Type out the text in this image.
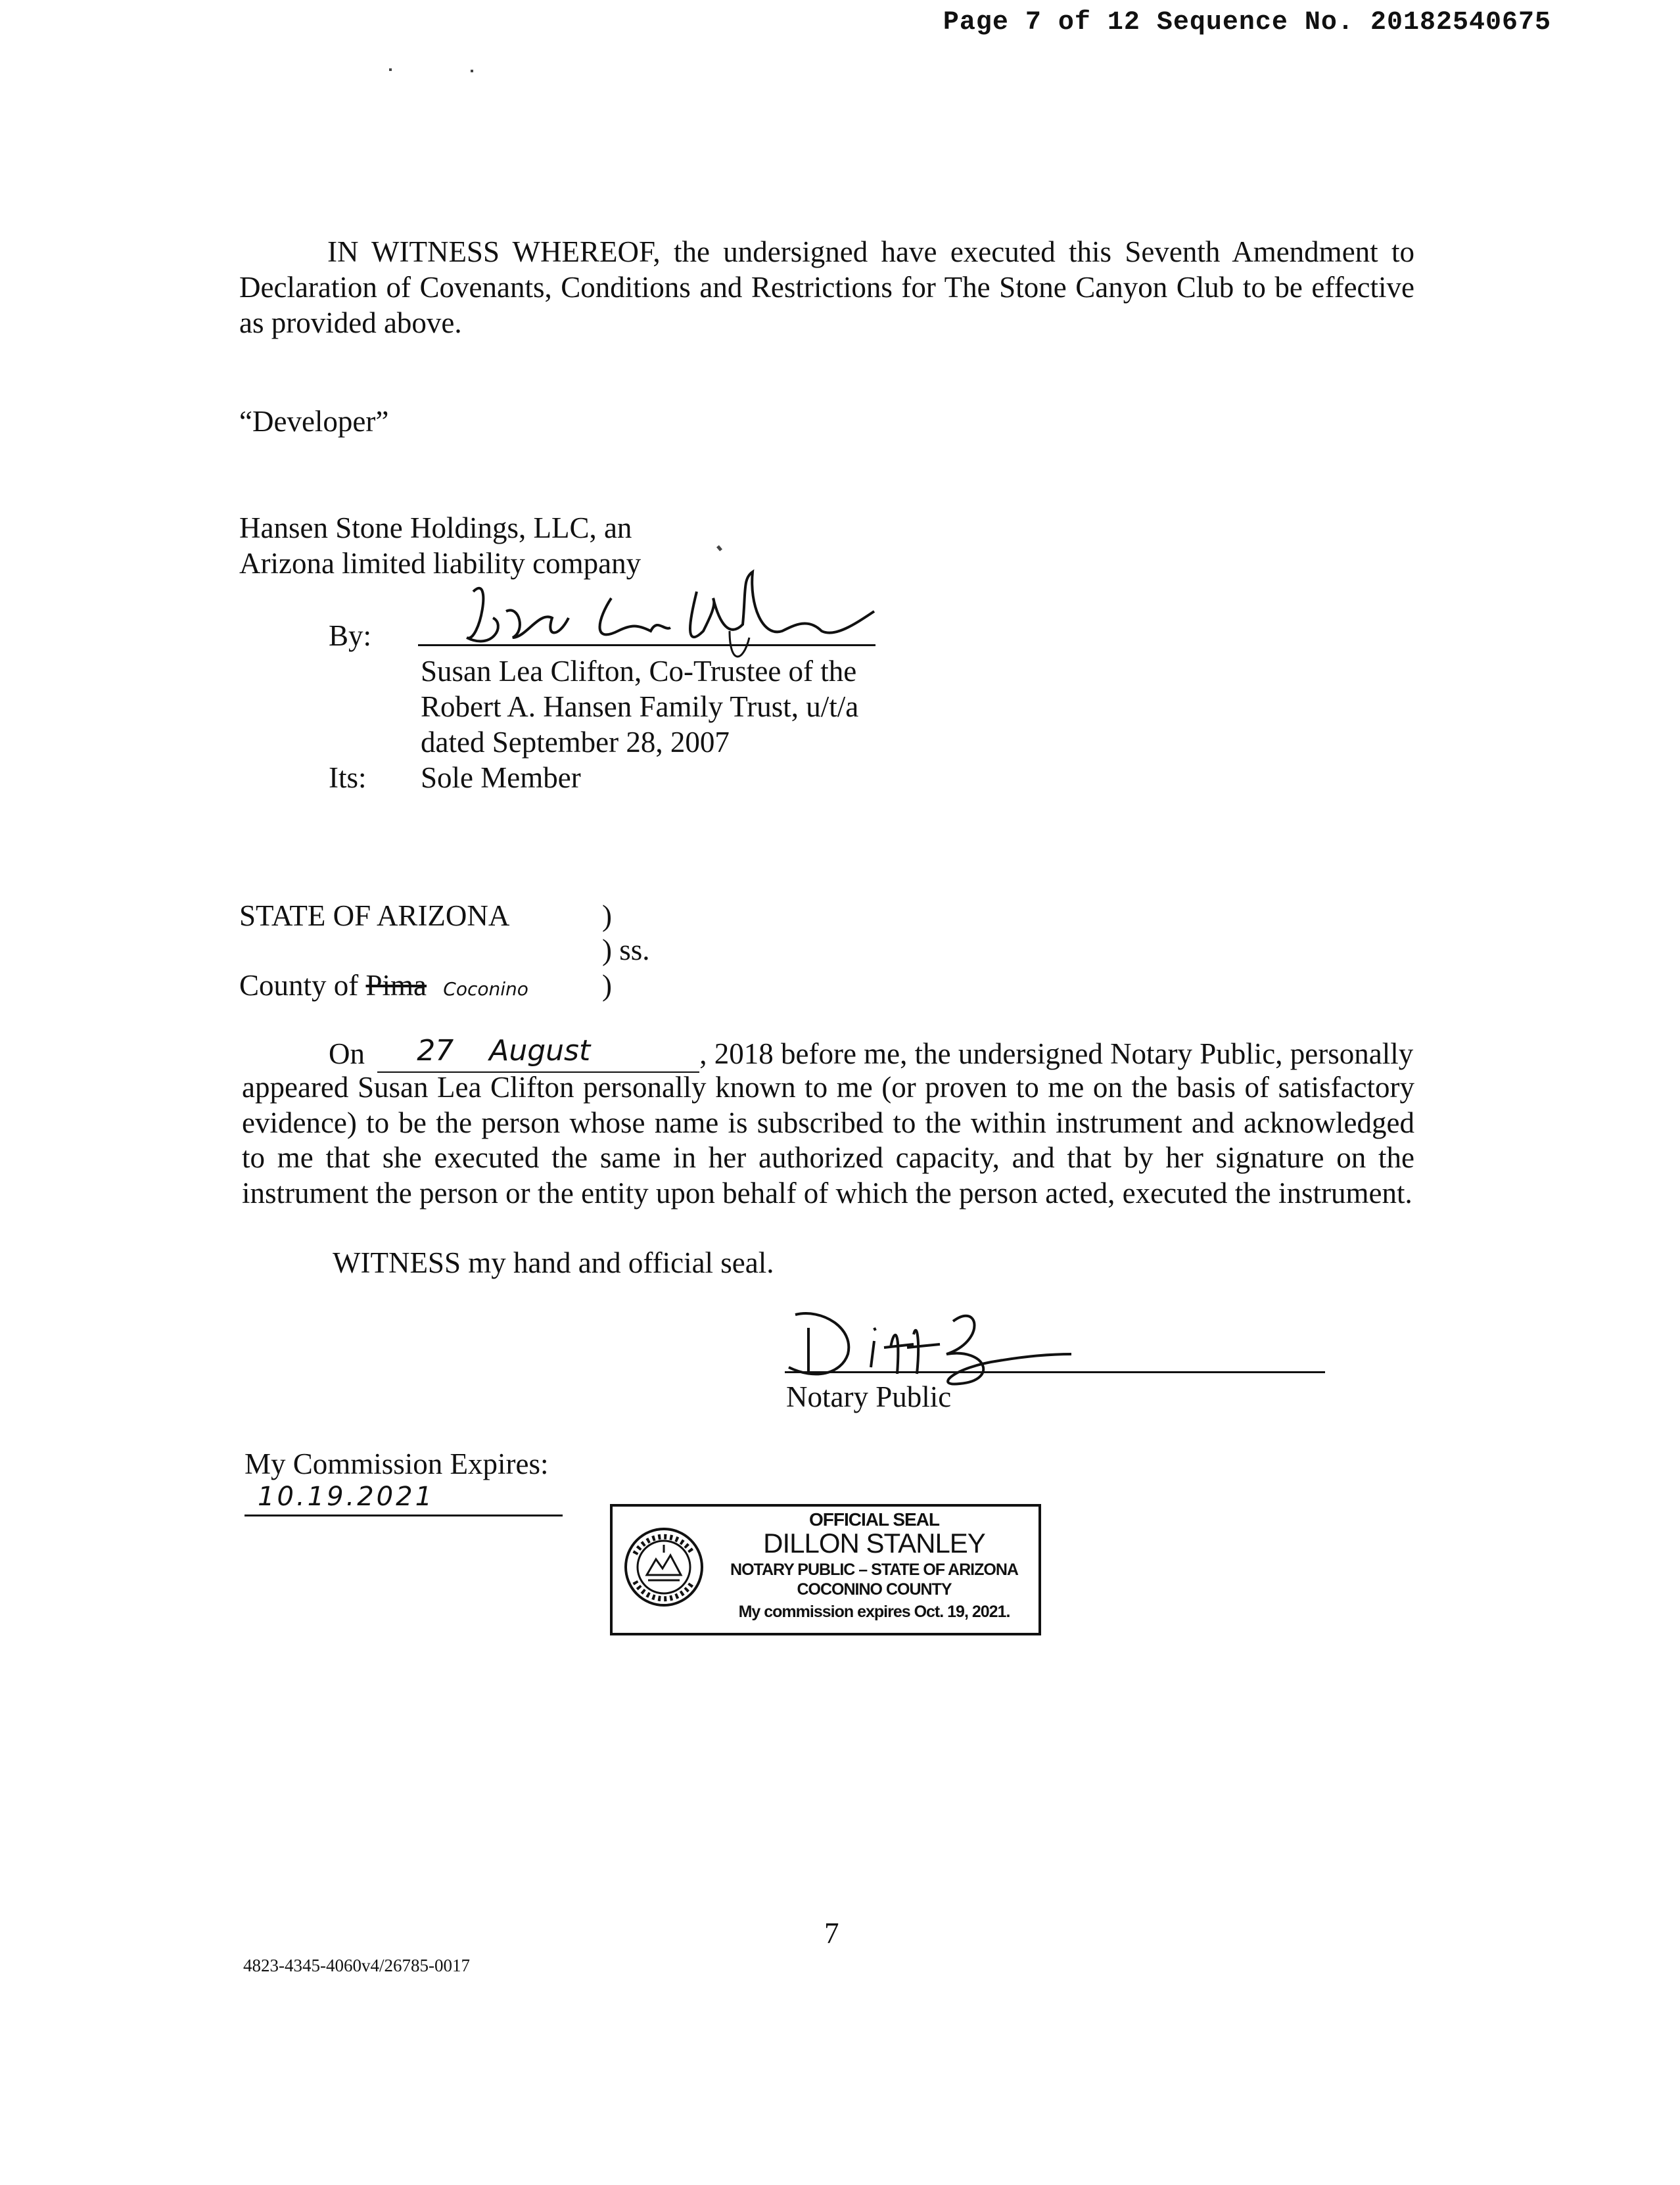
Page 7 of 12 Sequence No. 20182540675
IN WITNESS WHEREOF, the undersigned have executed this Seventh Amendment to Declaration of Covenants, Conditions and Restrictions for The Stone Canyon Club to be effective as provided above.
“Developer”
Hansen Stone Holdings, LLC, an
Arizona limited liability company
By:
Susan Lea Clifton, Co-Trustee of the
Robert A. Hansen Family Trust, u/t/a
dated September 28, 2007
Its: Sole Member
STATE OF ARIZONA	)
) ss.
County of Pima Coconino )
On 27 August	, 2018 before me, the undersigned Notary Public, personally
appeared Susan Lea Clifton personally known to me (or proven to me on the basis of satisfactory evidence) to be the person whose name is subscribed to the within instrument and acknowledged to me that she executed the same in her authorized capacity, and that by her signature on the instrument the person or the entity upon behalf of which the person acted, executed the instrument.
WITNESS my hand and official seal.
Notary Public
My Commission Expires:
10.19.2021
OFFICIAL SEAL
DILLON STANLEY
NOTARY PUBLIC – STATE OF ARIZONA
COCONINO COUNTY
My commission expires Oct. 19, 2021.
7
4823-4345-4060v4/26785-0017
